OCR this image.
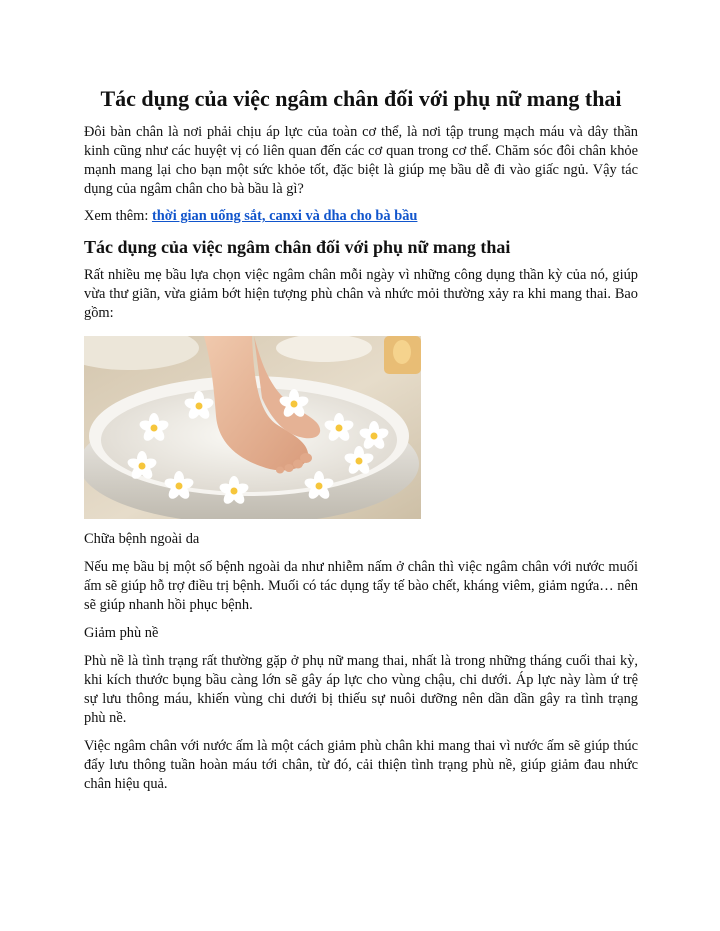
Tác dụng của việc ngâm chân đối với phụ nữ mang thai

Đôi bàn chân là nơi phải chịu áp lực của toàn cơ thể, là nơi tập trung mạch máu và dây thần kinh cũng như các huyệt vị có liên quan đến các cơ quan trong cơ thể. Chăm sóc đôi chân khỏe mạnh mang lại cho bạn một sức khỏe tốt, đặc biệt là giúp mẹ bầu dễ đi vào giấc ngủ. Vậy tác dụng của ngâm chân cho bà bầu là gì?

Xem thêm: thời gian uống sắt, canxi và dha cho bà bầu

Tác dụng của việc ngâm chân đối với phụ nữ mang thai

Rất nhiều mẹ bầu lựa chọn việc ngâm chân mỗi ngày vì những công dụng thần kỳ của nó, giúp vừa thư giãn, vừa giảm bớt hiện tượng phù chân và nhức mỏi thường xảy ra khi mang thai. Bao gồm:

Chữa bệnh ngoài da

Nếu mẹ bầu bị một số bệnh ngoài da như nhiễm nấm ở chân thì việc ngâm chân với nước muối ấm sẽ giúp hỗ trợ điều trị bệnh. Muối có tác dụng tẩy tế bào chết, kháng viêm, giảm ngứa… nên sẽ giúp nhanh hồi phục bệnh.

Giảm phù nề

Phù nề là tình trạng rất thường gặp ở phụ nữ mang thai, nhất là trong những tháng cuối thai kỳ, khi kích thước bụng bầu càng lớn sẽ gây áp lực cho vùng chậu, chi dưới. Áp lực này làm ứ trệ sự lưu thông máu, khiến vùng chi dưới bị thiếu sự nuôi dưỡng nên dần dần gây ra tình trạng phù nề.

Việc ngâm chân với nước ấm là một cách giảm phù chân khi mang thai vì nước ấm sẽ giúp thúc đẩy lưu thông tuần hoàn máu tới chân, từ đó, cải thiện tình trạng phù nề, giúp giảm đau nhức chân hiệu quả.
